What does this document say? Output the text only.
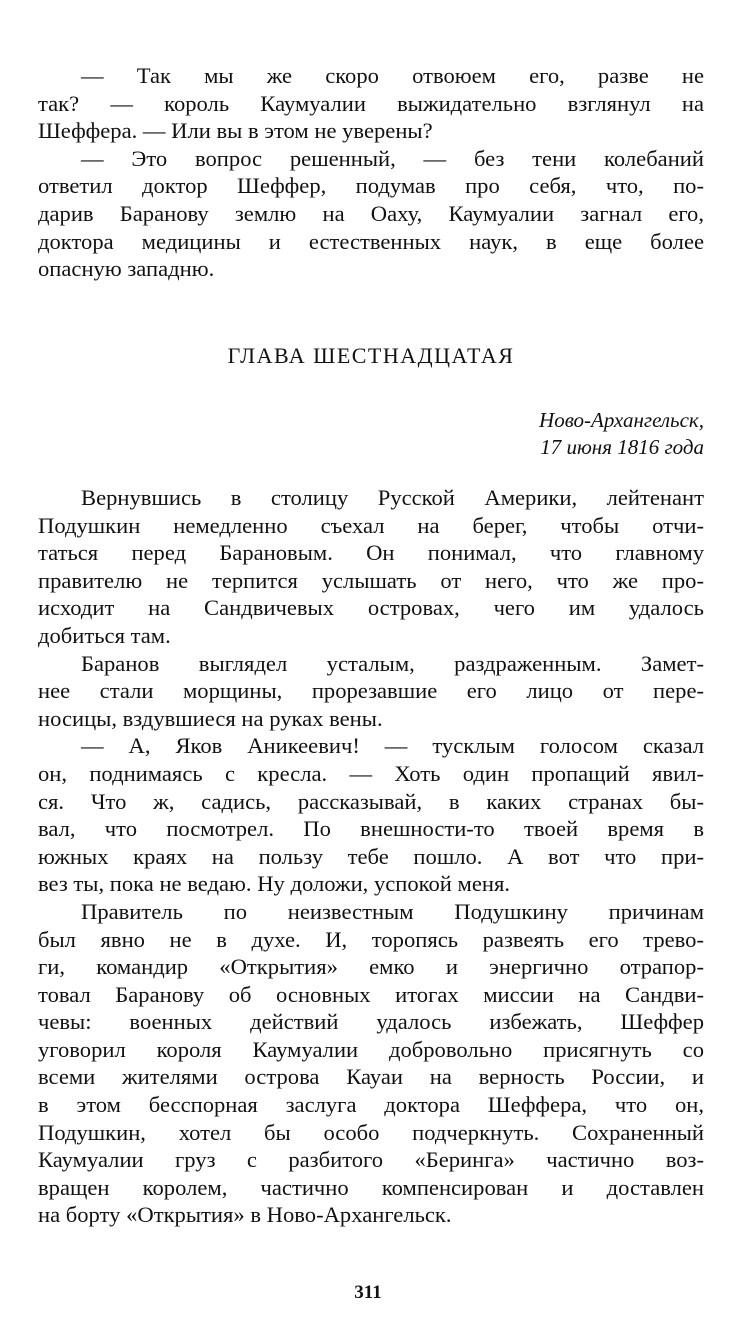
— Так мы же скоро отвоюем его, разве не
так? — король Каумуалии выжидательно взглянул на
Шеффера. — Или вы в этом не уверены?
— Это вопрос решенный, — без тени колебаний
ответил доктор Шеффер, подумав про себя, что, по-
дарив Баранову землю на Оаху, Каумуалии загнал его,
доктора медицины и естественных наук, в еще более
опасную западню.
ГЛАВА ШЕСТНАДЦАТАЯ
Ново-Архангельск,
17 июня 1816 года
Вернувшись в столицу Русской Америки, лейтенант
Подушкин немедленно съехал на берег, чтобы отчи-
таться перед Барановым. Он понимал, что главному
правителю не терпится услышать от него, что же про-
исходит на Сандвичевых островах, чего им удалось
добиться там.
Баранов выглядел усталым, раздраженным. Замет-
нее стали морщины, прорезавшие его лицо от пере-
носицы, вздувшиеся на руках вены.
— А, Яков Аникеевич! — тусклым голосом сказал
он, поднимаясь с кресла. — Хоть один пропащий явил-
ся. Что ж, садись, рассказывай, в каких странах бы-
вал, что посмотрел. По внешности-то твоей время в
южных краях на пользу тебе пошло. А вот что при-
вез ты, пока не ведаю. Ну доложи, успокой меня.
Правитель по неизвестным Подушкину причинам
был явно не в духе. И, торопясь развеять его трево-
ги, командир «Открытия» емко и энергично отрапор-
товал Баранову об основных итогах миссии на Сандви-
чевы: военных действий удалось избежать, Шеффер
уговорил короля Каумуалии добровольно присягнуть со
всеми жителями острова Кауаи на верность России, и
в этом бесспорная заслуга доктора Шеффера, что он,
Подушкин, хотел бы особо подчеркнуть. Сохраненный
Каумуалии груз с разбитого «Беринга» частично воз-
вращен королем, частично компенсирован и доставлен
на борту «Открытия» в Ново-Архангельск.
311
